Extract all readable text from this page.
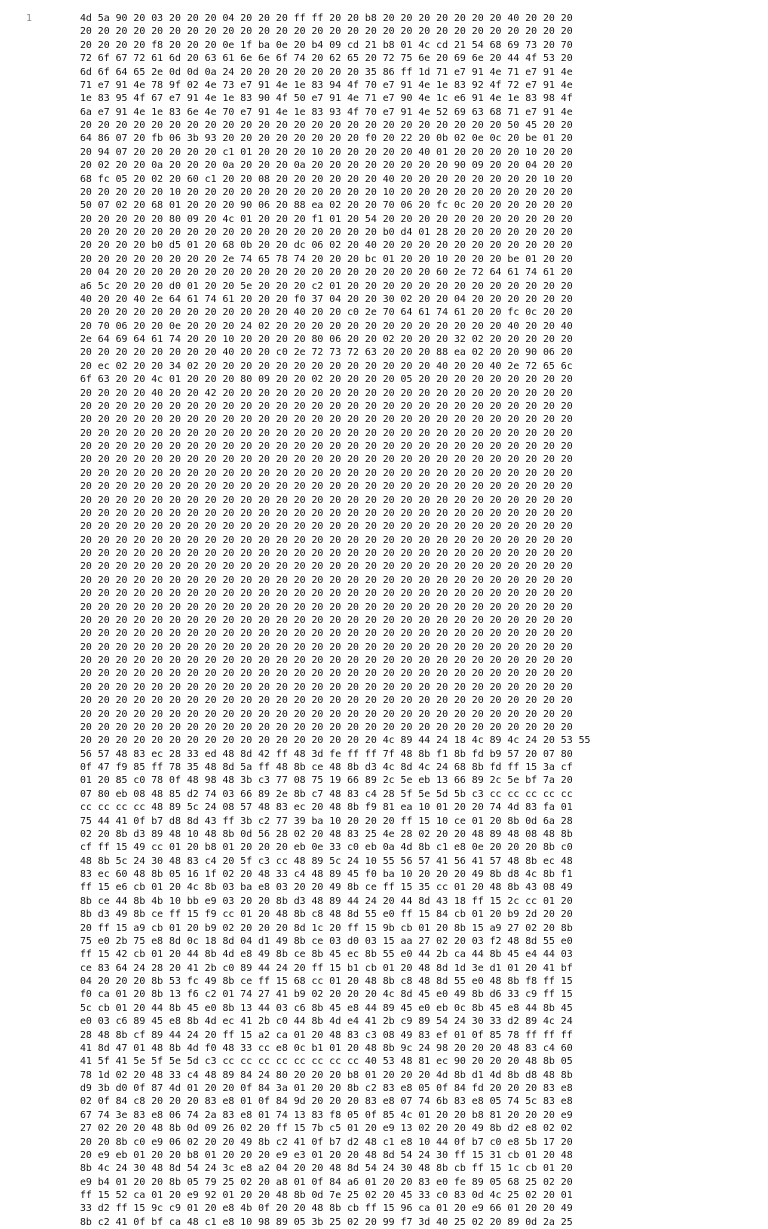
1	4d 5a 90 20 03 20 20 20 04 20 20 20 ff ff 20 20 b8 20 20 20 20 20 20 20 40 20 20 20
20 20 20 20 20 20 20 20 20 20 20 20 20 20 20 20 20 20 20 20 20 20 20 20 20 20 20 20
20 20 20 20 f8 20 20 20 0e 1f ba 0e 20 b4 09 cd 21 b8 01 4c cd 21 54 68 69 73 20 70
72 6f 67 72 61 6d 20 63 61 6e 6e 6f 74 20 62 65 20 72 75 6e 20 69 6e 20 44 4f 53 20
6d 6f 64 65 2e 0d 0d 0a 24 20 20 20 20 20 20 20 35 86 ff 1d 71 e7 91 4e 71 e7 91 4e
71 e7 91 4e 78 9f 02 4e 73 e7 91 4e 1e 83 94 4f 70 e7 91 4e 1e 83 92 4f 72 e7 91 4e
1e 83 95 4f 67 e7 91 4e 1e 83 90 4f 50 e7 91 4e 71 e7 90 4e 1c e6 91 4e 1e 83 98 4f
6a e7 91 4e 1e 83 6e 4e 70 e7 91 4e 1e 83 93 4f 70 e7 91 4e 52 69 63 68 71 e7 91 4e
20 20 20 20 20 20 20 20 20 20 20 20 20 20 20 20 20 20 20 20 20 20 20 20 50 45 20 20
64 86 07 20 fb 06 3b 93 20 20 20 20 20 20 20 20 f0 20 22 20 0b 02 0e 0c 20 be 01 20
20 94 07 20 20 20 20 20 c1 01 20 20 20 10 20 20 20 20 20 40 01 20 20 20 20 10 20 20
20 02 20 20 0a 20 20 20 0a 20 20 20 0a 20 20 20 20 20 20 20 20 90 09 20 20 04 20 20
68 fc 05 20 02 20 60 c1 20 20 08 20 20 20 20 20 20 40 20 20 20 20 20 20 20 20 10 20
20 20 20 20 20 10 20 20 20 20 20 20 20 20 20 20 20 10 20 20 20 20 20 20 20 20 20 20
50 07 02 20 68 01 20 20 20 90 06 20 88 ea 02 20 20 70 06 20 fc 0c 20 20 20 20 20 20
20 20 20 20 20 80 09 20 4c 01 20 20 20 f1 01 20 54 20 20 20 20 20 20 20 20 20 20 20
20 20 20 20 20 20 20 20 20 20 20 20 20 20 20 20 20 b0 d4 01 28 20 20 20 20 20 20 20
20 20 20 20 b0 d5 01 20 68 0b 20 20 dc 06 02 20 40 20 20 20 20 20 20 20 20 20 20 20
20 20 20 20 20 20 20 20 2e 74 65 78 74 20 20 20 bc 01 20 20 10 20 20 20 be 01 20 20
20 04 20 20 20 20 20 20 20 20 20 20 20 20 20 20 20 20 20 20 60 2e 72 64 61 74 61 20
a6 5c 20 20 20 d0 01 20 20 5e 20 20 20 c2 01 20 20 20 20 20 20 20 20 20 20 20 20 20
40 20 20 40 2e 64 61 74 61 20 20 20 f0 37 04 20 20 30 02 20 20 04 20 20 20 20 20 20
20 20 20 20 20 20 20 20 20 20 20 20 40 20 20 c0 2e 70 64 61 74 61 20 20 fc 0c 20 20
20 70 06 20 20 0e 20 20 20 24 02 20 20 20 20 20 20 20 20 20 20 20 20 20 40 20 20 40
2e 64 69 64 61 74 20 20 10 20 20 20 20 80 06 20 20 02 20 20 20 32 02 20 20 20 20 20
20 20 20 20 20 20 20 20 40 20 20 c0 2e 72 73 72 63 20 20 20 88 ea 02 20 20 90 06 20
20 ec 02 20 20 34 02 20 20 20 20 20 20 20 20 20 20 20 20 20 40 20 20 40 2e 72 65 6c
6f 63 20 20 4c 01 20 20 20 80 09 20 20 02 20 20 20 20 05 20 20 20 20 20 20 20 20 20
20 20 20 20 40 20 20 42 20 20 20 20 20 20 20 20 20 20 20 20 20 20 20 20 20 20 20 20
20 20 20 20 20 20 20 20 20 20 20 20 20 20 20 20 20 20 20 20 20 20 20 20 20 20 20 20
20 20 20 20 20 20 20 20 20 20 20 20 20 20 20 20 20 20 20 20 20 20 20 20 20 20 20 20
20 20 20 20 20 20 20 20 20 20 20 20 20 20 20 20 20 20 20 20 20 20 20 20 20 20 20 20
20 20 20 20 20 20 20 20 20 20 20 20 20 20 20 20 20 20 20 20 20 20 20 20 20 20 20 20
20 20 20 20 20 20 20 20 20 20 20 20 20 20 20 20 20 20 20 20 20 20 20 20 20 20 20 20
20 20 20 20 20 20 20 20 20 20 20 20 20 20 20 20 20 20 20 20 20 20 20 20 20 20 20 20
20 20 20 20 20 20 20 20 20 20 20 20 20 20 20 20 20 20 20 20 20 20 20 20 20 20 20 20
20 20 20 20 20 20 20 20 20 20 20 20 20 20 20 20 20 20 20 20 20 20 20 20 20 20 20 20
20 20 20 20 20 20 20 20 20 20 20 20 20 20 20 20 20 20 20 20 20 20 20 20 20 20 20 20
20 20 20 20 20 20 20 20 20 20 20 20 20 20 20 20 20 20 20 20 20 20 20 20 20 20 20 20
20 20 20 20 20 20 20 20 20 20 20 20 20 20 20 20 20 20 20 20 20 20 20 20 20 20 20 20
20 20 20 20 20 20 20 20 20 20 20 20 20 20 20 20 20 20 20 20 20 20 20 20 20 20 20 20
20 20 20 20 20 20 20 20 20 20 20 20 20 20 20 20 20 20 20 20 20 20 20 20 20 20 20 20
20 20 20 20 20 20 20 20 20 20 20 20 20 20 20 20 20 20 20 20 20 20 20 20 20 20 20 20
20 20 20 20 20 20 20 20 20 20 20 20 20 20 20 20 20 20 20 20 20 20 20 20 20 20 20 20
20 20 20 20 20 20 20 20 20 20 20 20 20 20 20 20 20 20 20 20 20 20 20 20 20 20 20 20
20 20 20 20 20 20 20 20 20 20 20 20 20 20 20 20 20 20 20 20 20 20 20 20 20 20 20 20
20 20 20 20 20 20 20 20 20 20 20 20 20 20 20 20 20 20 20 20 20 20 20 20 20 20 20 20
20 20 20 20 20 20 20 20 20 20 20 20 20 20 20 20 20 20 20 20 20 20 20 20 20 20 20 20
20 20 20 20 20 20 20 20 20 20 20 20 20 20 20 20 20 20 20 20 20 20 20 20 20 20 20 20
20 20 20 20 20 20 20 20 20 20 20 20 20 20 20 20 20 20 20 20 20 20 20 20 20 20 20 20
20 20 20 20 20 20 20 20 20 20 20 20 20 20 20 20 20 20 20 20 20 20 20 20 20 20 20 20
20 20 20 20 20 20 20 20 20 20 20 20 20 20 20 20 20 20 20 20 20 20 20 20 20 20 20 20
20 20 20 20 20 20 20 20 20 20 20 20 20 20 20 20 20 20 20 20 20 20 20 20 20 20 20 20
20 20 20 20 20 20 20 20 20 20 20 20 20 20 20 20 20 20 20 20 20 20 20 20 20 20 20 20
20 20 20 20 20 20 20 20 20 20 20 20 20 20 20 20 20 4c 89 44 24 18 4c 89 4c 24 20 53 55
56 57 48 83 ec 28 33 ed 48 8d 42 ff 48 3d fe ff ff 7f 48 8b f1 8b fd b9 57 20 07 80
0f 47 f9 85 ff 78 35 48 8d 5a ff 48 8b ce 48 8b d3 4c 8d 4c 24 68 8b fd ff 15 3a cf
01 20 85 c0 78 0f 48 98 48 3b c3 77 08 75 19 66 89 2c 5e eb 13 66 89 2c 5e bf 7a 20
07 80 eb 08 48 85 d2 74 03 66 89 2e 8b c7 48 83 c4 28 5f 5e 5d 5b c3 cc cc cc cc cc
cc cc cc cc 48 89 5c 24 08 57 48 83 ec 20 48 8b f9 81 ea 10 01 20 20 74 4d 83 fa 01
75 44 41 0f b7 d8 8d 43 ff 3b c2 77 39 ba 10 20 20 20 ff 15 10 ce 01 20 8b 0d 6a 28
02 20 8b d3 89 48 10 48 8b 0d 56 28 02 20 48 83 25 4e 28 02 20 20 48 89 48 08 48 8b
cf ff 15 49 cc 01 20 b8 01 20 20 20 eb 0e 33 c0 eb 0a 4d 8b c1 e8 0e 20 20 20 8b c0
48 8b 5c 24 30 48 83 c4 20 5f c3 cc 48 89 5c 24 10 55 56 57 41 56 41 57 48 8b ec 48
83 ec 60 48 8b 05 16 1f 02 20 48 33 c4 48 89 45 f0 ba 10 20 20 20 49 8b d8 4c 8b f1
ff 15 e6 cb 01 20 4c 8b 03 ba e8 03 20 20 49 8b ce ff 15 35 cc 01 20 48 8b 43 08 49
8b ce 44 8b 4b 10 bb e9 03 20 20 8b d3 48 89 44 24 20 44 8d 43 18 ff 15 2c cc 01 20
8b d3 49 8b ce ff 15 f9 cc 01 20 48 8b c8 48 8d 55 e0 ff 15 84 cb 01 20 b9 2d 20 20
20 ff 15 a9 cb 01 20 b9 02 20 20 20 8d 1c 20 ff 15 9b cb 01 20 8b 15 a9 27 02 20 8b
75 e0 2b 75 e8 8d 0c 18 8d 04 d1 49 8b ce 03 d0 03 15 aa 27 02 20 03 f2 48 8d 55 e0
ff 15 42 cb 01 20 44 8b 4d e8 49 8b ce 8b 45 ec 8b 55 e0 44 2b ca 44 8b 45 e4 44 03
ce 83 64 24 28 20 41 2b c0 89 44 24 20 ff 15 b1 cb 01 20 48 8d 1d 3e d1 01 20 41 bf
04 20 20 20 8b 53 fc 49 8b ce ff 15 68 cc 01 20 48 8b c8 48 8d 55 e0 48 8b f8 ff 15
f0 ca 01 20 8b 13 f6 c2 01 74 27 41 b9 02 20 20 20 4c 8d 45 e0 49 8b d6 33 c9 ff 15
5c cb 01 20 44 8b 45 e0 8b 13 44 03 c6 8b 45 e8 44 89 45 e0 eb 0c 8b 45 e8 44 8b 45
e0 03 c6 89 45 e8 8b 4d ec 41 2b c0 44 8b 4d e4 41 2b c9 89 54 24 30 33 d2 89 4c 24
28 48 8b cf 89 44 24 20 ff 15 a2 ca 01 20 48 83 c3 08 49 83 ef 01 0f 85 78 ff ff ff
41 8d 47 01 48 8b 4d f0 48 33 cc e8 0c b1 01 20 48 8b 9c 24 98 20 20 20 48 83 c4 60
41 5f 41 5e 5f 5e 5d c3 cc cc cc cc cc cc cc cc 40 53 48 81 ec 90 20 20 20 48 8b 05
78 1d 02 20 48 33 c4 48 89 84 24 80 20 20 20 b8 01 20 20 20 4d 8b d1 4d 8b d8 48 8b
d9 3b d0 0f 87 4d 01 20 20 0f 84 3a 01 20 20 8b c2 83 e8 05 0f 84 fd 20 20 20 83 e8
02 0f 84 c8 20 20 20 83 e8 01 0f 84 9d 20 20 20 83 e8 07 74 6b 83 e8 05 74 5c 83 e8
67 74 3e 83 e8 06 74 2a 83 e8 01 74 13 83 f8 05 0f 85 4c 01 20 20 b8 81 20 20 20 e9
27 02 20 20 48 8b 0d 09 26 02 20 ff 15 7b c5 01 20 e9 13 02 20 20 49 8b d2 e8 02 02
20 20 8b c0 e9 06 02 20 20 49 8b c2 41 0f b7 d2 48 c1 e8 10 44 0f b7 c0 e8 5b 17 20
20 e9 eb 01 20 20 b8 01 20 20 20 e9 e3 01 20 20 48 8d 54 24 30 ff 15 31 cb 01 20 48
8b 4c 24 30 48 8d 54 24 3c e8 a2 04 20 20 48 8d 54 24 30 48 8b cb ff 15 1c cb 01 20
e9 b4 01 20 20 8b 05 79 25 02 20 a8 01 0f 84 a6 01 20 20 83 e0 fe 89 05 68 25 02 20
ff 15 52 ca 01 20 e9 92 01 20 20 48 8b 0d 7e 25 02 20 45 33 c0 83 0d 4c 25 02 20 01
33 d2 ff 15 9c c9 01 20 e8 4b 0f 20 20 48 8b cb ff 15 96 ca 01 20 e9 66 01 20 20 49
8b c2 41 0f bf ca 48 c1 e8 10 98 89 05 3b 25 02 20 99 f7 3d 40 25 02 20 89 0d 2a 25
